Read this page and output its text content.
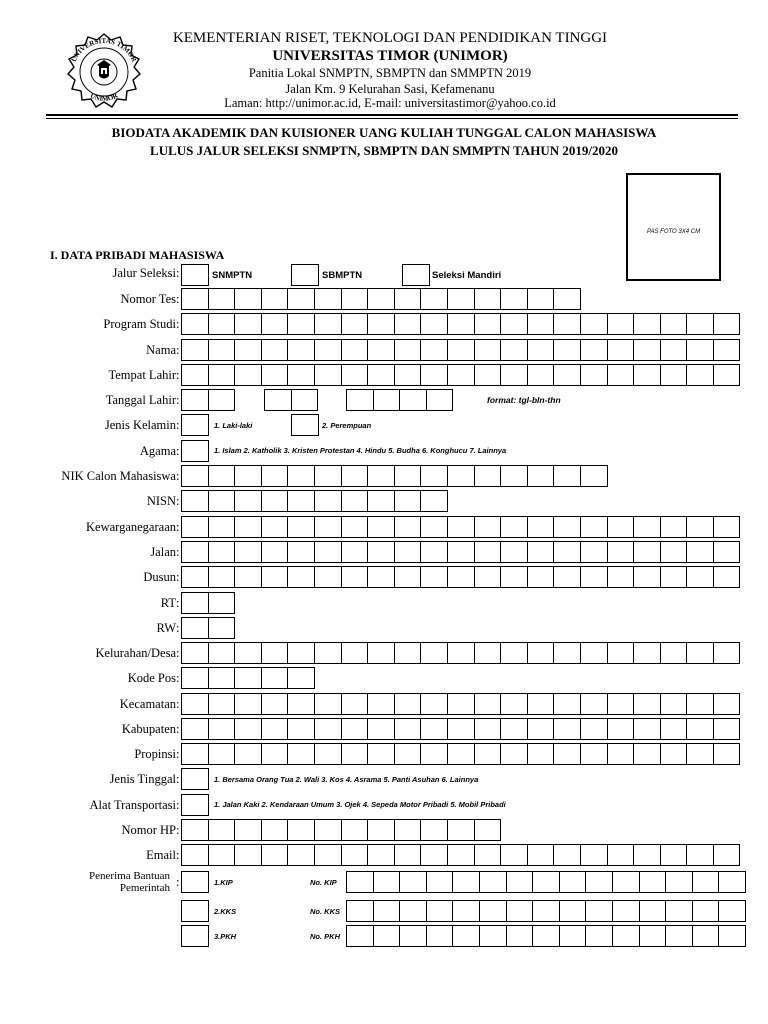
UNIVERSITAS TIMOR
UNIMOR
KEMENTERIAN RISET, TEKNOLOGI DAN PENDIDIKAN TINGGI
UNIVERSITAS TIMOR (UNIMOR)
Panitia Lokal SNMPTN, SBMPTN dan SMMPTN 2019
Jalan Km. 9 Kelurahan Sasi, Kefamenanu
Laman: http://unimor.ac.id, E-mail: universitastimor@yahoo.co.id
BIODATA AKADEMIK DAN KUISIONER UANG KULIAH TUNGGAL CALON MAHASISWA
LULUS JALUR SELEKSI SNMPTN, SBMPTN DAN SMMPTN TAHUN 2019/2020
PAS FOTO 3X4 CM
I. DATA PRIBADI MAHASISWA
Jalur Seleksi :	SNMPTN	SBMPTN	Seleksi Mandiri
Nomor Tes :
Program Studi :
Nama :
Tempat Lahir :
Tanggal Lahir :	format: tgl-bln-thn
Jenis Kelamin :	1. Laki-laki	2. Perempuan
Agama :	1. Islam 2. Katholik 3. Kristen Protestan 4. Hindu 5. Budha 6. Konghucu 7. Lainnya
NIK Calon Mahasiswa :
NISN :
Kewarganegaraan :
Jalan :
Dusun :
RT :
RW :
Kelurahan/Desa :
Kode Pos :
Kecamatan :
Kabupaten :
Propinsi :
Jenis Tinggal :	1. Bersama Orang Tua 2. Wali 3. Kos 4. Asrama 5. Panti Asuhan 6. Lainnya
Alat Transportasi :	1. Jalan Kaki 2. Kendaraan Umum 3. Ojek 4. Sepeda Motor Pribadi 5. Mobil Pribadi
Nomor HP :
Email :
Penerima Bantuan
Pemerintah :	1.KIP	No. KIP
2.KKS	No. KKS
3.PKH	No. PKH
